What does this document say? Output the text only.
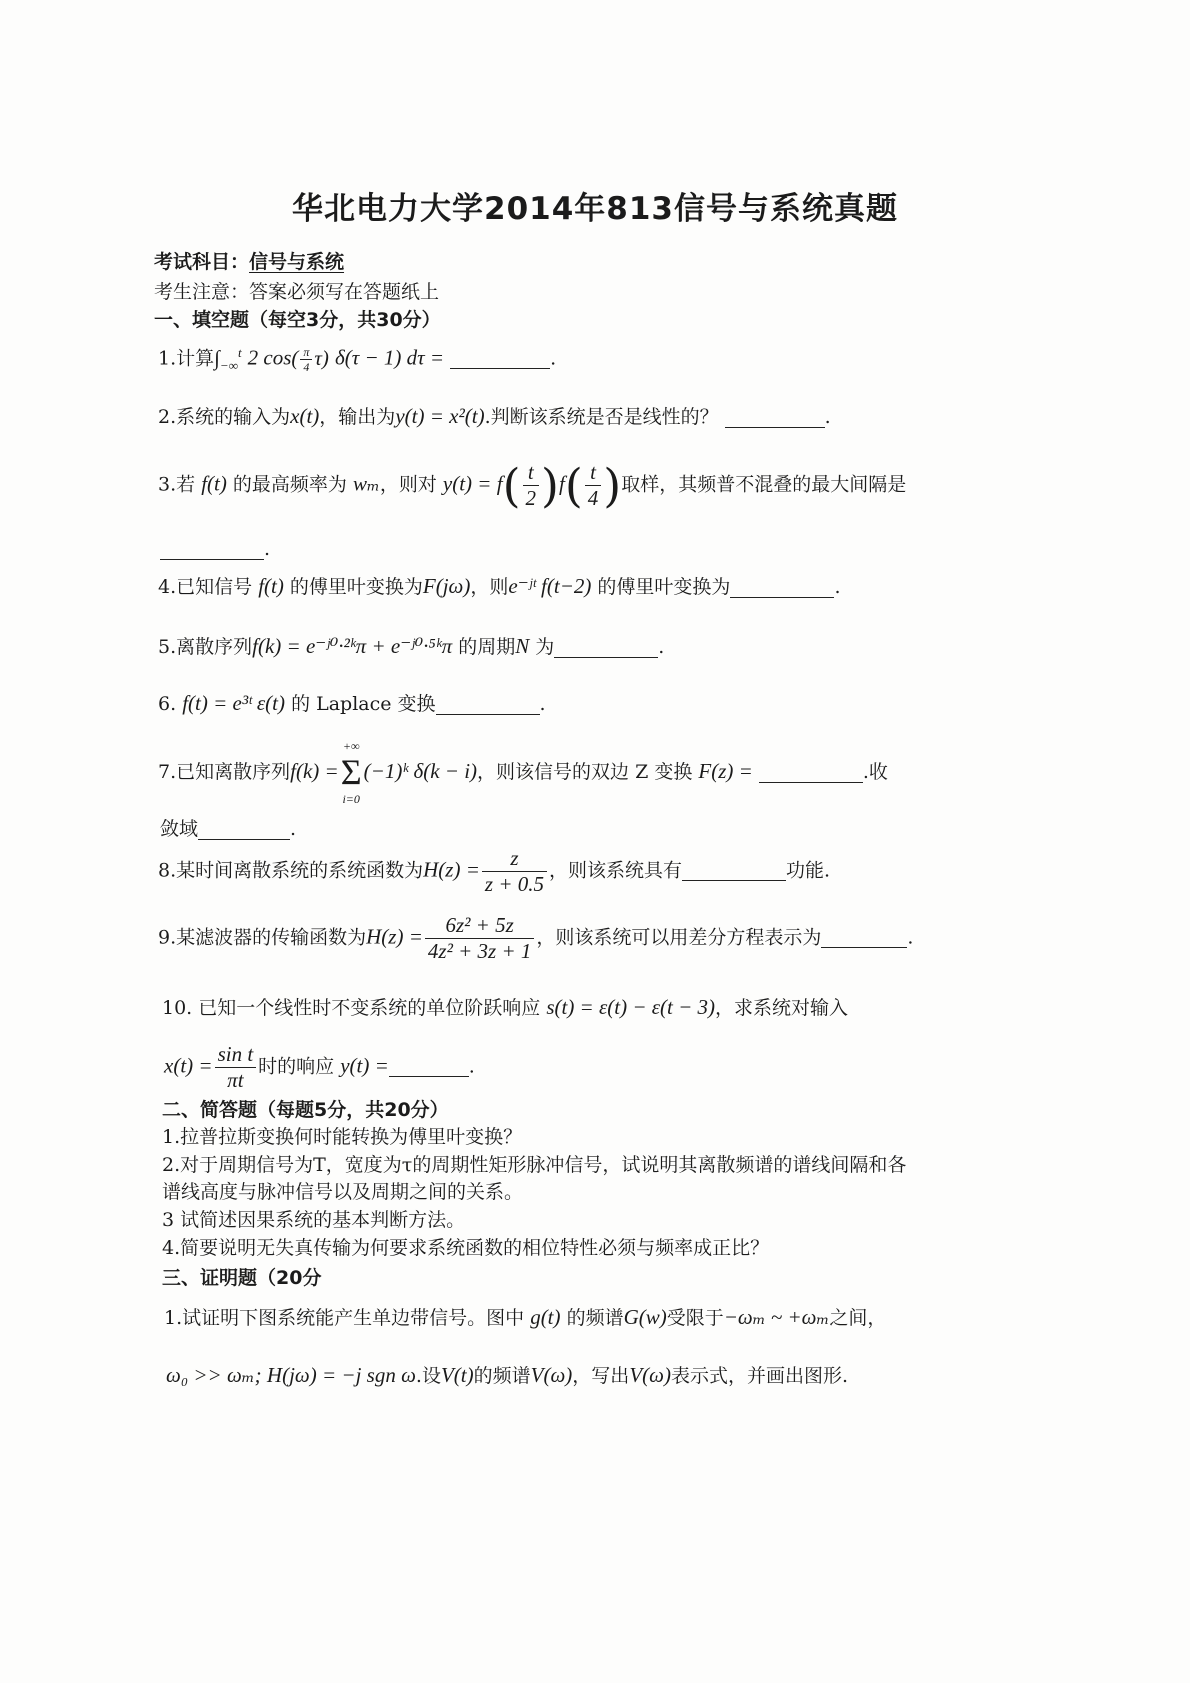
华北电力大学2014年813信号与系统真题
考试科目：信号与系统
考生注意：答案必须写在答题纸上
一、填空题（每空3分，共30分）
1.计算$\int_{-\infty}^t$ 2 $\cos( \frac{\pi}{4} \tau)$ δ(τ − 1) dτ =	.
2.系统的输入为x(t)，输出为y(t) = x²(t).判断该系统是否是线性的？	.
3.若 f(t) 的最高频率为 wₘ，则对 $y(t) = f( \frac{t}{2} )f( \frac{t}{4}$ )取样，其频普不混叠的最大间隔是
.
4.已知信号 f(t) 的傅里叶变换为F(jω)，则e⁻ʲᵗ f(t−2) 的傅里叶变换为	.
5.离散序列f(k) = e⁻ʲ⁰·²ᵏπ + e⁻ʲ⁰·⁵ᵏπ 的周期N 为	.
6. f(t) = e³ᵗ ε(t) 的 Laplace 变换	.
7.已知离散序列f(k) =
+∞
Σ
i=0
(−1)ᵏ δ(k − i)，则该信号的双边 Z 变换 F(z) =	.收
敛域	.
8.某时间离散系统的系统函数为$H(z) = \frac{z}{z + 0.5}$ ，则该系统具有	功能.
9.某滤波器的传输函数为$H(z) = \frac{\text{6z² + 5z}}{\text{4z² + 3z + 1}}$ ，则该系统可以用差分方程表示为	.
10. 已知一个线性时不变系统的单位阶跃响应 s(t) = ε(t) − ε(t − 3)，求系统对输入
$x(t) = \frac{\text{sin t}}{\pi t}$ 时的响应 y(t) =	.
二、简答题（每题5分，共20分）
1.拉普拉斯变换何时能转换为傅里叶变换？
2.对于周期信号为T，宽度为τ的周期性矩形脉冲信号，试说明其离散频谱的谱线间隔和各
谱线高度与脉冲信号以及周期之间的关系。
3 试简述因果系统的基本判断方法。
4.简要说明无失真传输为何要求系统函数的相位特性必须与频率成正比？
三、证明题（20分
1.试证明下图系统能产生单边带信号。图中 g(t) 的频谱G(w)受限于−ωₘ ~ +ωₘ之间，
ω₀ >> ωₘ; H(jω) = −j sgn ω.设V(t)的频谱V(ω)，写出V(ω)表示式，并画出图形.
